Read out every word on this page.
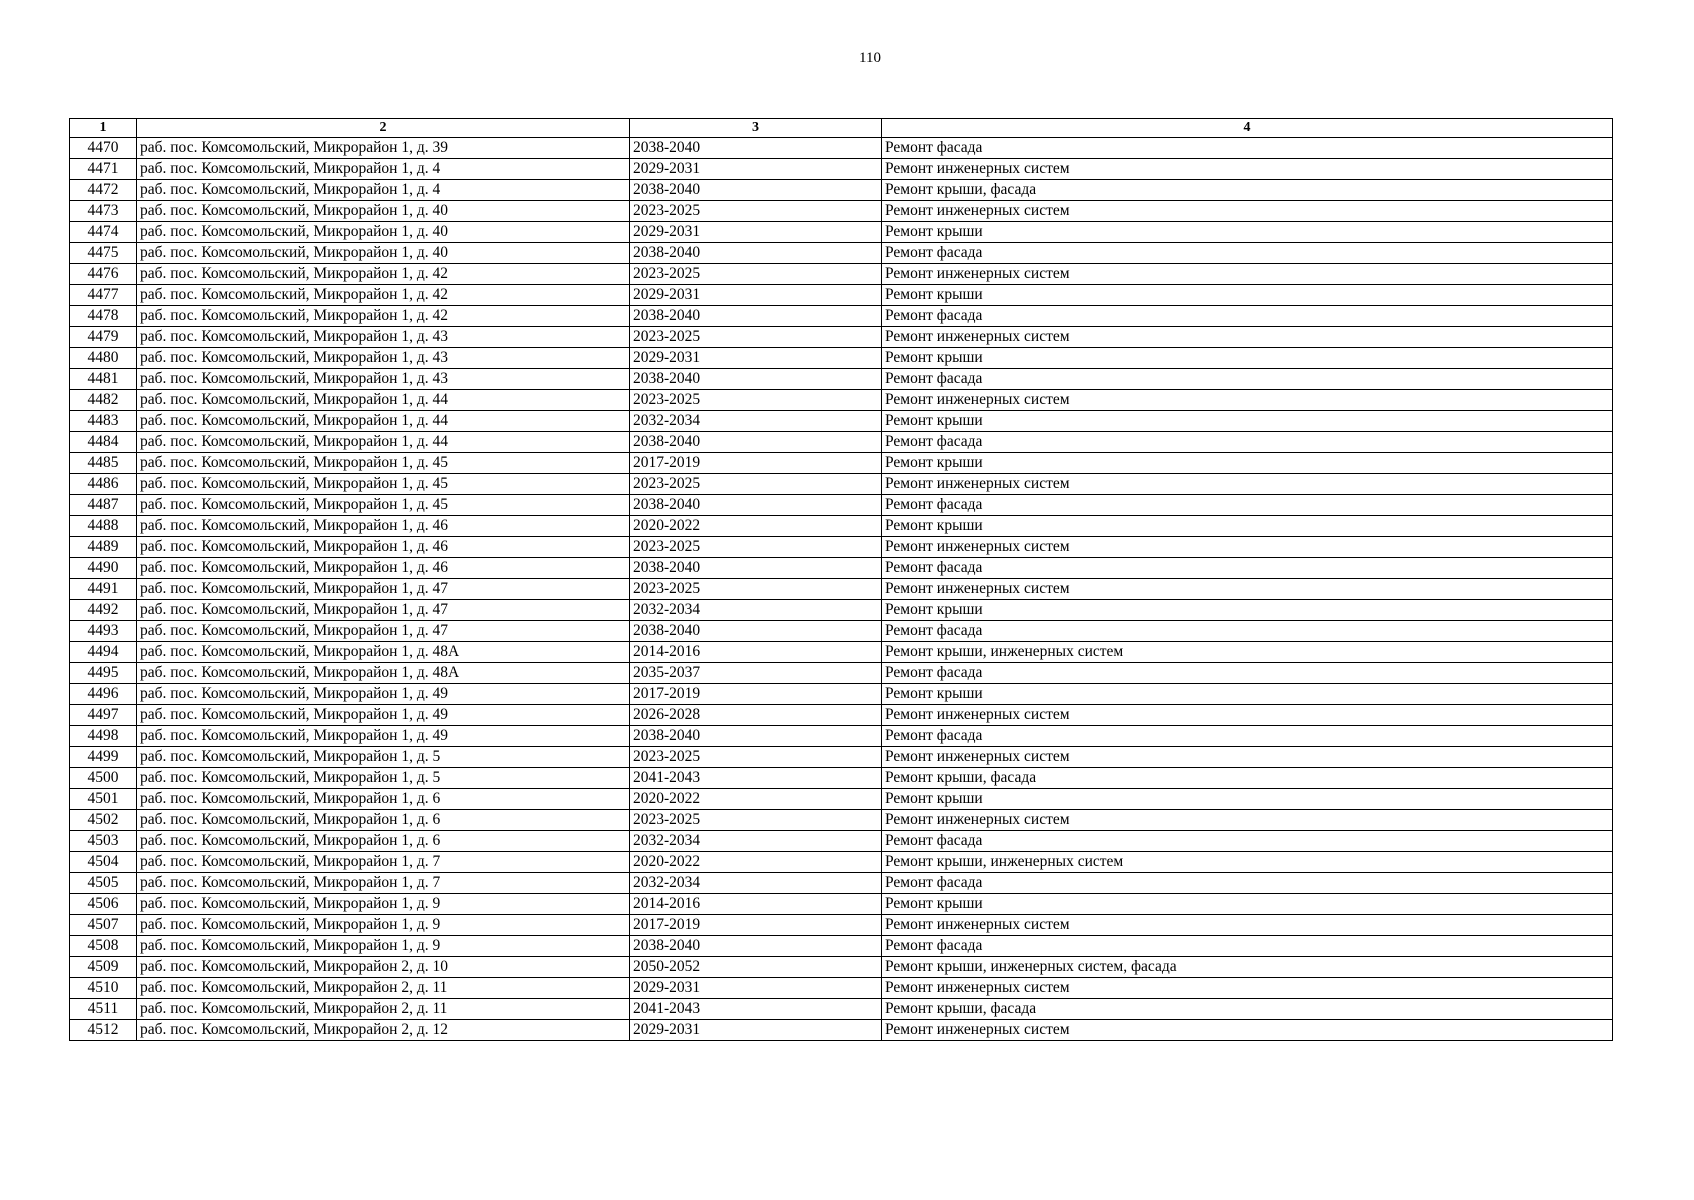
110
1	2	3	4
4470	раб. пос. Комсомольский, Микрорайон 1, д. 39	2038-2040	Ремонт фасада
4471	раб. пос. Комсомольский, Микрорайон 1, д. 4	2029-2031	Ремонт инженерных систем
4472	раб. пос. Комсомольский, Микрорайон 1, д. 4	2038-2040	Ремонт крыши, фасада
4473	раб. пос. Комсомольский, Микрорайон 1, д. 40	2023-2025	Ремонт инженерных систем
4474	раб. пос. Комсомольский, Микрорайон 1, д. 40	2029-2031	Ремонт крыши
4475	раб. пос. Комсомольский, Микрорайон 1, д. 40	2038-2040	Ремонт фасада
4476	раб. пос. Комсомольский, Микрорайон 1, д. 42	2023-2025	Ремонт инженерных систем
4477	раб. пос. Комсомольский, Микрорайон 1, д. 42	2029-2031	Ремонт крыши
4478	раб. пос. Комсомольский, Микрорайон 1, д. 42	2038-2040	Ремонт фасада
4479	раб. пос. Комсомольский, Микрорайон 1, д. 43	2023-2025	Ремонт инженерных систем
4480	раб. пос. Комсомольский, Микрорайон 1, д. 43	2029-2031	Ремонт крыши
4481	раб. пос. Комсомольский, Микрорайон 1, д. 43	2038-2040	Ремонт фасада
4482	раб. пос. Комсомольский, Микрорайон 1, д. 44	2023-2025	Ремонт инженерных систем
4483	раб. пос. Комсомольский, Микрорайон 1, д. 44	2032-2034	Ремонт крыши
4484	раб. пос. Комсомольский, Микрорайон 1, д. 44	2038-2040	Ремонт фасада
4485	раб. пос. Комсомольский, Микрорайон 1, д. 45	2017-2019	Ремонт крыши
4486	раб. пос. Комсомольский, Микрорайон 1, д. 45	2023-2025	Ремонт инженерных систем
4487	раб. пос. Комсомольский, Микрорайон 1, д. 45	2038-2040	Ремонт фасада
4488	раб. пос. Комсомольский, Микрорайон 1, д. 46	2020-2022	Ремонт крыши
4489	раб. пос. Комсомольский, Микрорайон 1, д. 46	2023-2025	Ремонт инженерных систем
4490	раб. пос. Комсомольский, Микрорайон 1, д. 46	2038-2040	Ремонт фасада
4491	раб. пос. Комсомольский, Микрорайон 1, д. 47	2023-2025	Ремонт инженерных систем
4492	раб. пос. Комсомольский, Микрорайон 1, д. 47	2032-2034	Ремонт крыши
4493	раб. пос. Комсомольский, Микрорайон 1, д. 47	2038-2040	Ремонт фасада
4494	раб. пос. Комсомольский, Микрорайон 1, д. 48А	2014-2016	Ремонт крыши, инженерных систем
4495	раб. пос. Комсомольский, Микрорайон 1, д. 48А	2035-2037	Ремонт фасада
4496	раб. пос. Комсомольский, Микрорайон 1, д. 49	2017-2019	Ремонт крыши
4497	раб. пос. Комсомольский, Микрорайон 1, д. 49	2026-2028	Ремонт инженерных систем
4498	раб. пос. Комсомольский, Микрорайон 1, д. 49	2038-2040	Ремонт фасада
4499	раб. пос. Комсомольский, Микрорайон 1, д. 5	2023-2025	Ремонт инженерных систем
4500	раб. пос. Комсомольский, Микрорайон 1, д. 5	2041-2043	Ремонт крыши, фасада
4501	раб. пос. Комсомольский, Микрорайон 1, д. 6	2020-2022	Ремонт крыши
4502	раб. пос. Комсомольский, Микрорайон 1, д. 6	2023-2025	Ремонт инженерных систем
4503	раб. пос. Комсомольский, Микрорайон 1, д. 6	2032-2034	Ремонт фасада
4504	раб. пос. Комсомольский, Микрорайон 1, д. 7	2020-2022	Ремонт крыши, инженерных систем
4505	раб. пос. Комсомольский, Микрорайон 1, д. 7	2032-2034	Ремонт фасада
4506	раб. пос. Комсомольский, Микрорайон 1, д. 9	2014-2016	Ремонт крыши
4507	раб. пос. Комсомольский, Микрорайон 1, д. 9	2017-2019	Ремонт инженерных систем
4508	раб. пос. Комсомольский, Микрорайон 1, д. 9	2038-2040	Ремонт фасада
4509	раб. пос. Комсомольский, Микрорайон 2, д. 10	2050-2052	Ремонт крыши, инженерных систем, фасада
4510	раб. пос. Комсомольский, Микрорайон 2, д. 11	2029-2031	Ремонт инженерных систем
4511	раб. пос. Комсомольский, Микрорайон 2, д. 11	2041-2043	Ремонт крыши, фасада
4512	раб. пос. Комсомольский, Микрорайон 2, д. 12	2029-2031	Ремонт инженерных систем
